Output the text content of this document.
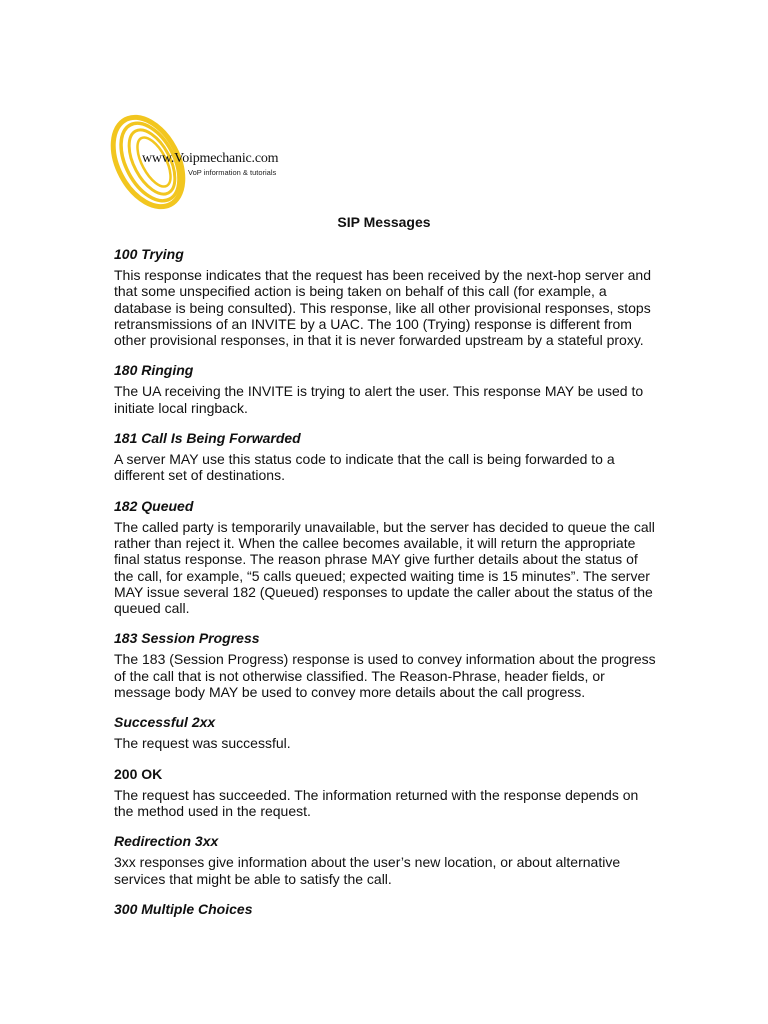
www.Voipmechanic.com
VoP information & tutorials
SIP Messages

100 Trying

This response indicates that the request has been received by the next-hop server and that some unspecified action is being taken on behalf of this call (for example, a database is being consulted). This response, like all other provisional responses, stops retransmissions of an INVITE by a UAC. The 100 (Trying) response is different from other provisional responses, in that it is never forwarded upstream by a stateful proxy.

180 Ringing

The UA receiving the INVITE is trying to alert the user. This response MAY be used to initiate local ringback.

181 Call Is Being Forwarded

A server MAY use this status code to indicate that the call is being forwarded to a different set of destinations.

182 Queued

The called party is temporarily unavailable, but the server has decided to queue the call rather than reject it. When the callee becomes available, it will return the appropriate final status response. The reason phrase MAY give further details about the status of the call, for example, “5 calls queued; expected waiting time is 15 minutes”. The server MAY issue several 182 (Queued) responses to update the caller about the status of the queued call.

183 Session Progress

The 183 (Session Progress) response is used to convey information about the progress of the call that is not otherwise classified. The Reason-Phrase, header fields, or message body MAY be used to convey more details about the call progress.

Successful 2xx

The request was successful.

200 OK

The request has succeeded. The information returned with the response depends on the method used in the request.

Redirection 3xx

3xx responses give information about the user’s new location, or about alternative services that might be able to satisfy the call.

300 Multiple Choices
